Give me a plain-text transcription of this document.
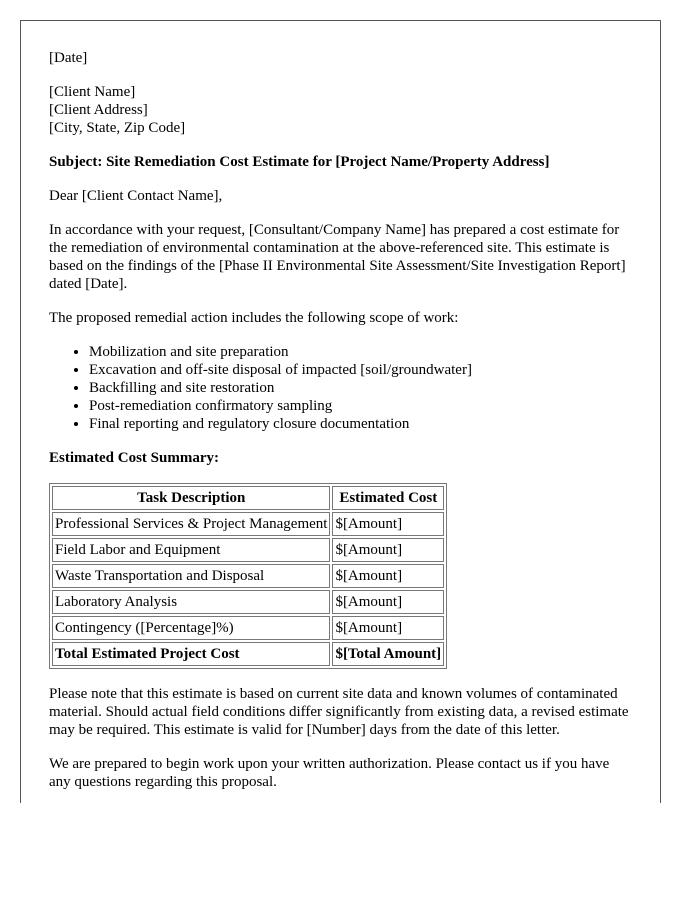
[Date]

[Client Name]
[Client Address]
[City, State, Zip Code]

Subject: Site Remediation Cost Estimate for [Project Name/Property Address]

Dear [Client Contact Name],

In accordance with your request, [Consultant/Company Name] has prepared a cost estimate for the remediation of environmental contamination at the above-referenced site. This estimate is based on the findings of the [Phase II Environmental Site Assessment/Site Investigation Report] dated [Date].

The proposed remedial action includes the following scope of work:

• Mobilization and site preparation
• Excavation and off-site disposal of impacted [soil/groundwater]
• Backfilling and site restoration
• Post-remediation confirmatory sampling
• Final reporting and regulatory closure documentation

Estimated Cost Summary:

Task Description	Estimated Cost
Professional Services & Project Management	$[Amount]
Field Labor and Equipment	$[Amount]
Waste Transportation and Disposal	$[Amount]
Laboratory Analysis	$[Amount]
Contingency ([Percentage]%)	$[Amount]
Total Estimated Project Cost	$[Total Amount]

Please note that this estimate is based on current site data and known volumes of contaminated material. Should actual field conditions differ significantly from existing data, a revised estimate may be required. This estimate is valid for [Number] days from the date of this letter.

We are prepared to begin work upon your written authorization. Please contact us if you have any questions regarding this proposal.
